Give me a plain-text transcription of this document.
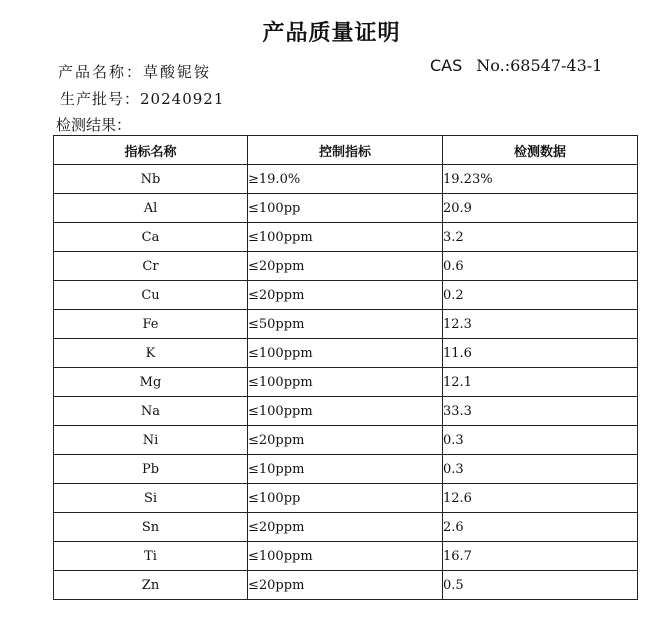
产品质量证明
产品名称：草酸铌铵	CAS No.:68547-43-1
生产批号：20240921
检测结果：
指标名称	控制指标	检测数据
Nb	≥19.0%	19.23%
Al	≤100pp	20.9
Ca	≤100ppm	3.2
Cr	≤20ppm	0.6
Cu	≤20ppm	0.2
Fe	≤50ppm	12.3
K	≤100ppm	11.6
Mg	≤100ppm	12.1
Na	≤100ppm	33.3
Ni	≤20ppm	0.3
Pb	≤10ppm	0.3
Si	≤100pp	12.6
Sn	≤20ppm	2.6
Ti	≤100ppm	16.7
Zn	≤20ppm	0.5
